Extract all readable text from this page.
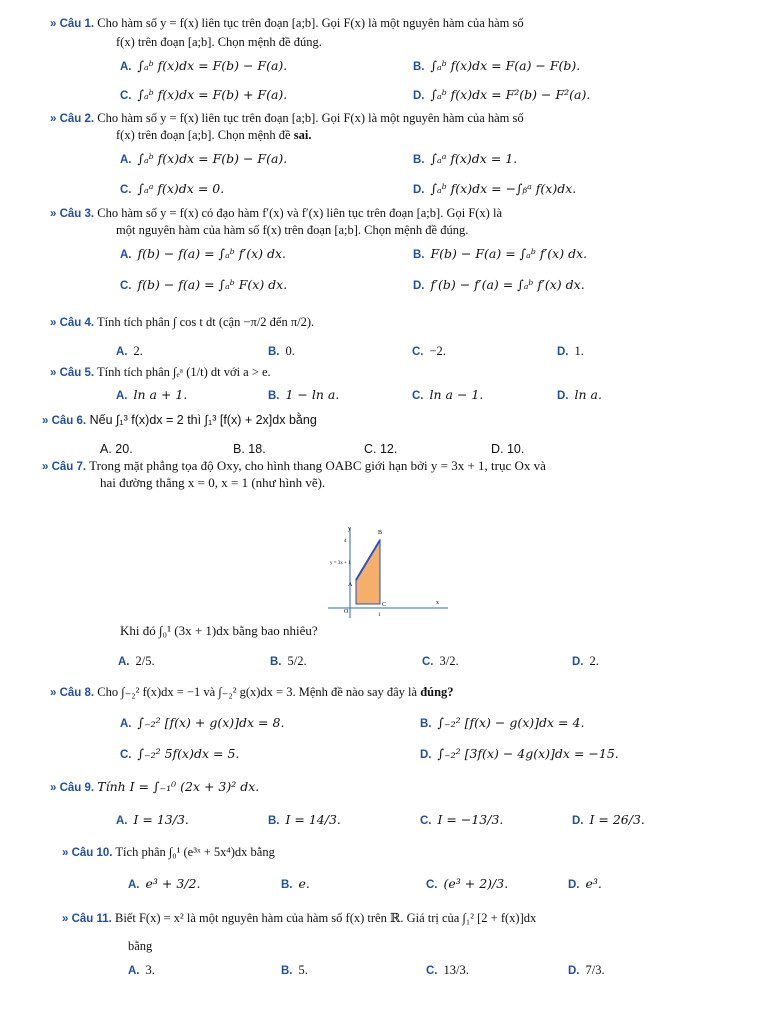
» Câu 1. Cho hàm số y = f(x) liên tục trên đoạn [a;b]. Gọi F(x) là một nguyên hàm của hàm số
f(x) trên đoạn [a;b]. Chọn mệnh đề đúng.
A. ∫ₐᵇ f(x)dx = F(b) − F(a).	B. ∫ₐᵇ f(x)dx = F(a) − F(b).
C. ∫ₐᵇ f(x)dx = F(b) + F(a).	D. ∫ₐᵇ f(x)dx = F²(b) − F²(a).
» Câu 2. Cho hàm số y = f(x) liên tục trên đoạn [a;b]. Gọi F(x) là một nguyên hàm của hàm số
f(x) trên đoạn [a;b]. Chọn mệnh đề sai.
A. ∫ₐᵇ f(x)dx = F(b) − F(a).	B. ∫ₐᵃ f(x)dx = 1.
C. ∫ₐᵃ f(x)dx = 0.	D. ∫ₐᵇ f(x)dx = −∫ᵦᵃ f(x)dx.
» Câu 3. Cho hàm số y = f(x) có đạo hàm f′(x) và f′(x) liên tục trên đoạn [a;b]. Gọi F(x) là
một nguyên hàm của hàm số f(x) trên đoạn [a;b]. Chọn mệnh đề đúng.
A. f(b) − f(a) = ∫ₐᵇ f′(x) dx.	B. F(b) − F(a) = ∫ₐᵇ f′(x) dx.
C. f(b) − f(a) = ∫ₐᵇ F(x) dx.	D. f′(b) − f′(a) = ∫ₐᵇ f′(x) dx.
» Câu 4. Tính tích phân ∫ cos t dt (cận −π/2 đến π/2).
A. 2.	B. 0.	C. −2.	D. 1.
» Câu 5. Tính tích phân ∫ₑᵃ (1/t) dt với a > e.
A. ln a + 1.	B. 1 − ln a.	C. ln a − 1.	D. ln a.
» Câu 6. Nếu ∫₁³ f(x)dx = 2 thì ∫₁³ [f(x) + 2x]dx bằng
A. 20.	B. 18.	C. 12.	D. 10.
» Câu 7. Trong mặt phẳng tọa độ Oxy, cho hình thang OABC giới hạn bởi y = 3x + 1, trục Ox và
hai đường thẳng x = 0, x = 1 (như hình vẽ).
y
x
O
y = 3x + 1
A
B
C
1
4
Khi đó ∫₀¹ (3x + 1)dx bằng bao nhiêu?
A. 2/5.	B. 5/2.	C. 3/2.	D. 2.
» Câu 8. Cho ∫₋₂² f(x)dx = −1 và ∫₋₂² g(x)dx = 3. Mệnh đề nào say đây là đúng?
A. ∫₋₂² [f(x) + g(x)]dx = 8.	B. ∫₋₂² [f(x) − g(x)]dx = 4.
C. ∫₋₂² 5f(x)dx = 5.	D. ∫₋₂² [3f(x) − 4g(x)]dx = −15.
» Câu 9. Tính I = ∫₋₁⁰ (2x + 3)² dx.
A. I = 13/3.	B. I = 14/3.	C. I = −13/3.	D. I = 26/3.
» Câu 10. Tích phân ∫₀¹ (e³ˣ + 5x⁴)dx bằng
A. e³ + 3/2.	B. e.	C. (e³ + 2)/3.	D. e³.
» Câu 11. Biết F(x) = x² là một nguyên hàm của hàm số f(x) trên ℝ. Giá trị của ∫₁² [2 + f(x)]dx
bằng
A. 3.	B. 5.	C. 13/3.	D. 7/3.
